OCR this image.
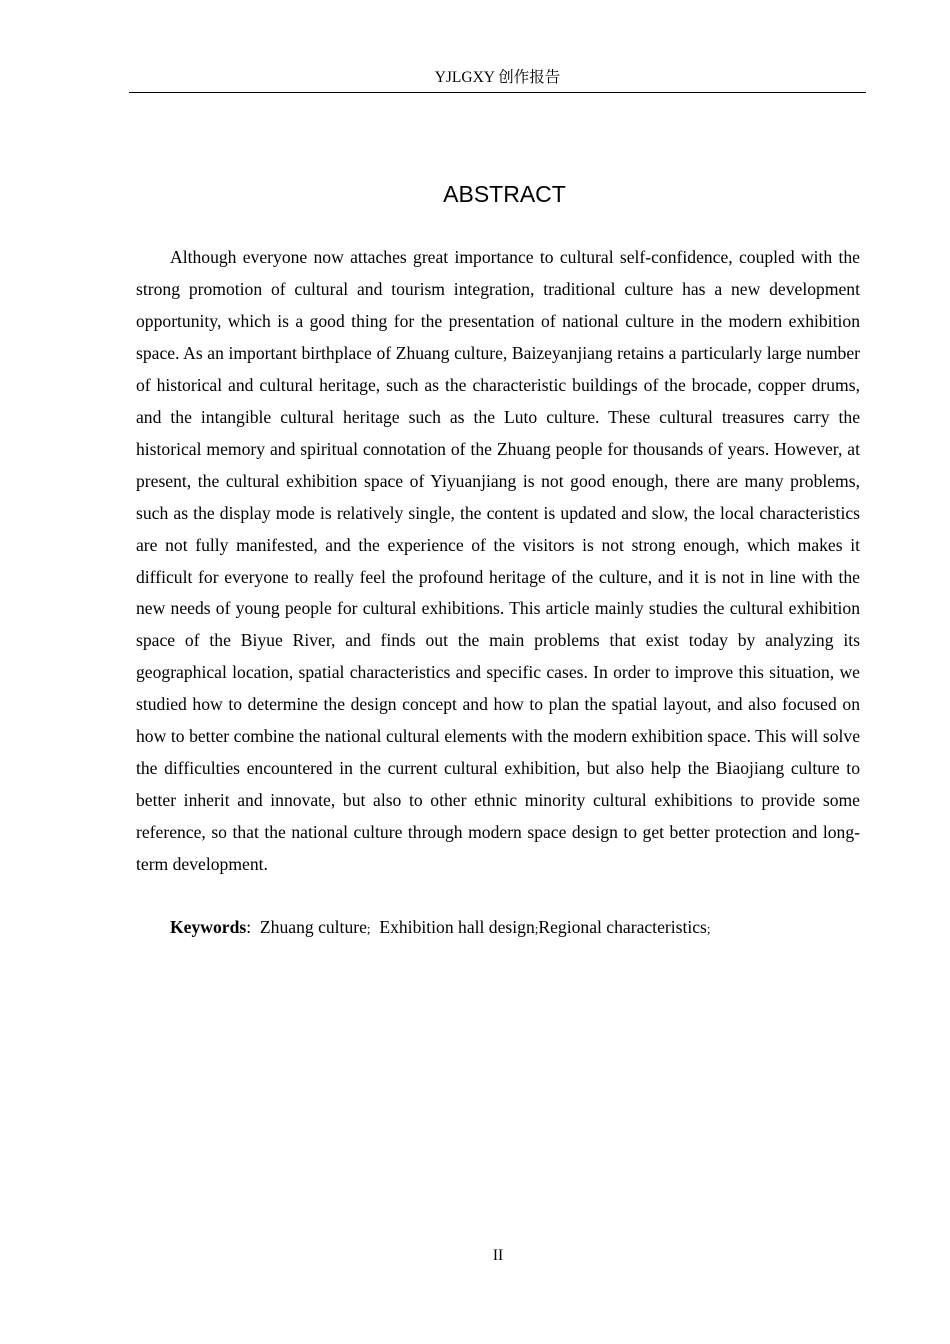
YJLGXY 创作报告
ABSTRACT

Although everyone now attaches great importance to cultural self-confidence, coupled with the strong promotion of cultural and tourism integration, traditional culture has a new development opportunity, which is a good thing for the presentation of national culture in the modern exhibition space. As an important birthplace of Zhuang culture, Baizeyanjiang retains a particularly large number of historical and cultural heritage, such as the characteristic buildings of the brocade, copper drums, and the intangible cultural heritage such as the Luto culture. These cultural treasures carry the historical memory and spiritual connotation of the Zhuang people for thousands of years. However, at present, the cultural exhibition space of Yiyuanjiang is not good enough, there are many problems, such as the display mode is relatively single, the content is updated and slow, the local characteristics are not fully manifested, and the experience of the visitors is not strong enough, which makes it difficult for everyone to really feel the profound heritage of the culture, and it is not in line with the new needs of young people for cultural exhibitions. This article mainly studies the cultural exhibition space of the Biyue River, and finds out the main problems that exist today by analyzing its geographical location, spatial characteristics and specific cases. In order to improve this situation, we studied how to determine the design concept and how to plan the spatial layout, and also focused on how to better combine the national cultural elements with the modern exhibition space. This will solve the difficulties encountered in the current cultural exhibition, but also help the Biaojiang culture to better inherit and innovate, but also to other ethnic minority cultural exhibitions to provide some reference, so that the national culture through modern space design to get better protection and long-term development.

Keywords: Zhuang culture; Exhibition hall design;Regional characteristics;

II
